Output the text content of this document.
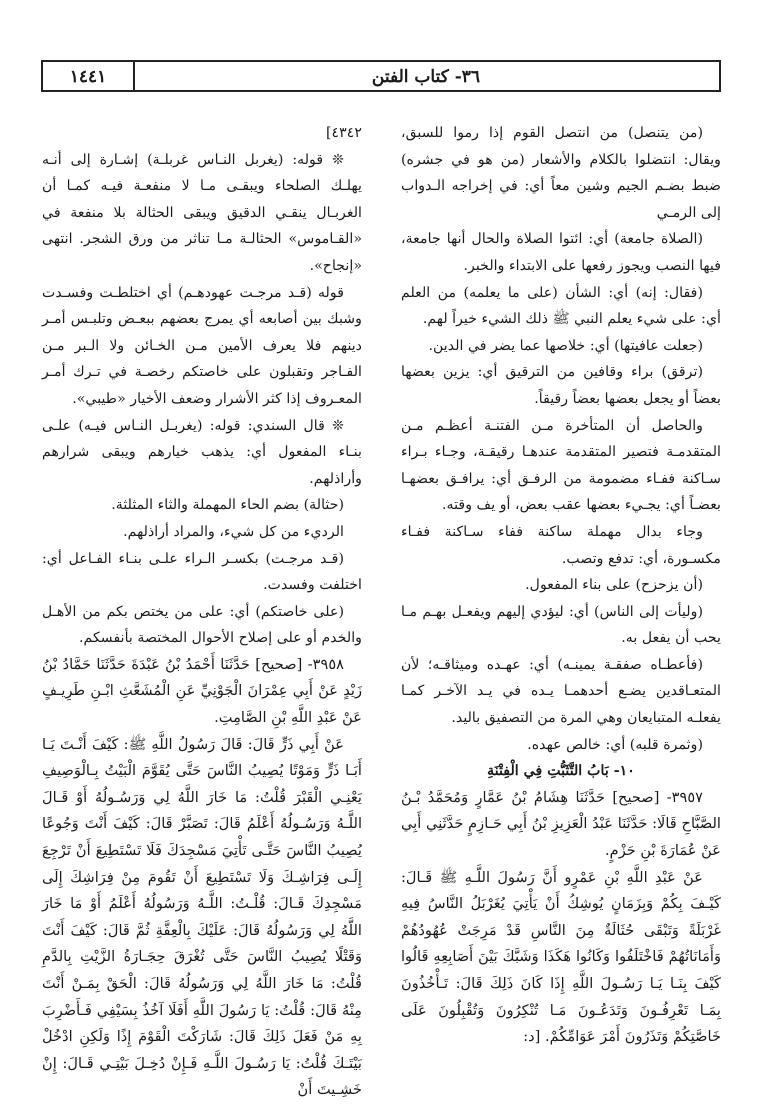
٣٦- كتاب الفتن
١٤٤١

(من يتنصل) من انتصل القوم إذا رموا للسبق، ويقال: انتضلوا بالكلام والأشعار (من هو في جشره) ضبط بضـم الجيم وشين معاً أي: في إخراجه الـدواب إلى الرمـي

(الصلاة جامعة) أي: ائتوا الصلاة والحال أنها جامعة، فيها النصب ويجوز رفعها على الابتداء والخبر.

(فقال: إنه) أي: الشأن (على ما يعلمه) من العلم أي: على شيء يعلم النبي ﷺ ذلك الشيء خيراً لهم.

(جعلت عافيتها) أي: خلاصها عما يضر في الدين.

(ترقق) براء وقافين من الترقيق أي: يزين بعضها بعضاً أو يجعل بعضها بعضاً رقيقاً.

والحاصل أن المتأخرة مـن الفتنـة أعظـم مـن المتقدمـة فتصير المتقدمة عندهـا رقيقـة، وجـاء بـراء سـاكنة ففـاء مضمومة من الرفـق أي: يرافـق بعضهـا بعضـاً أي: يجـيء بعضها عقب بعض، أو يف وقته.

وجاء بدال مهملة ساكنة ففاء سـاكنة ففـاء مكسـورة، أي: تدفع وتصب.

(أن يزحزح) على بناء المفعول.

(وليأت إلى الناس) أي: ليؤدي إليهم ويفعـل بهـم مـا يحب أن يفعل به.

(فأعطـاه صفقـة يمينـه) أي: عهـده وميثاقـه؛ لأن المتعـاقدين يضـع أحدهمـا يـده في يـد الآخـر كمـا يفعلـه المتبايعان وهي المرة من التصفيق باليد.

(وثمرة قلبه) أي: خالص عهده.

١٠- بَابُ التَّثَبُّتِ فِي الْفِتْنَةِ

٣٩٥٧- [صحيح] حَدَّثَنَا هِشَامُ بْنُ عَمَّارٍ وَمُحَمَّدُ بْـنُ الصَّبَّاحِ قَالَا: حَدَّثَنَا عَبْدُ الْعَزِيزِ بْنُ أَبِي حَـازِمٍ حَدَّثَنِي أَبِي عَنْ عُمَارَةَ بْنِ حَزْمٍ.

عَنْ عَبْدِ اللَّهِ بْنِ عَمْرٍو أَنَّ رَسُولَ اللَّـهِ ﷺ قَـالَ: كَيْـفَ بِكُمْ وَبِزَمَانٍ يُوشِكُ أَنْ يَأْتِيَ يُغَرْبَلُ النَّاسُ فِيهِ غَرْبَلَةً وَتَبْقَى حُثَالَةٌ مِنَ النَّاسِ قَدْ مَرِجَتْ عُهُودُهُمْ وَأَمَانَاتُهُمْ فَاخْتَلَفُوا وَكَانُوا هَكَذَا وَشَبَّكَ بَيْنَ أَصَابِعِهِ قَالُوا كَيْفَ بِنَـا يَـا رَسُـولَ اللَّهِ إِذَا كَانَ ذَلِكَ قَالَ: تَـأْخُذُونَ بِمَـا تَعْرِفُـونَ وَتَدَعُـونَ مَـا تُنْكِرُونَ وَتُقْبِلُونَ عَلَى خَاصَّتِكُمْ وَتَذَرُونَ أَمْرَ عَوَامِّكُمْ. [د:

٤٣٤٢]

❊ قوله: (يغربل النـاس غربلـة) إشـارة إلى أنـه يهلـك الصلحاء ويبقـى مـا لا منفعـة فيـه كمـا أن الغربـال ينقـي الدقيق ويبقى الحثالة بلا منفعة في «القـاموس» الحثالـة مـا تناثر من ورق الشجر. انتهى «إنجاح».

قوله (قـد مرجـت عهودهـم) أي اختلطـت وفسـدت وشبك بين أصابعه أي يمرج بعضهم ببعـض وتلبـس أمـر دينهم فلا يعرف الأمين مـن الخـائن ولا الـبر مـن الفـاجر وتقبلون على خاصتكم رخصـة في تـرك أمـر المعـروف إذا كثر الأشرار وضعف الأخيار «طيبي».

❊ قال السندي: قوله: (يغربـل النـاس فيـه) علـى بنـاء المفعول أي: يذهب خيارهم ويبقى شرارهم وأراذلهم.

(حثالة) بضم الحاء المهملة والثاء المثلثة.

الرديء من كل شيء، والمراد أراذلهم.

(قـد مرجـت) بكسـر الـراء علـى بنـاء الفـاعل أي: اختلفت وفسدت.

(على خاصتكم) أي: على من يختص بكم من الأهـل والخدم أو على إصلاح الأحوال المختصة بأنفسكم.

٣٩٥٨- [صحيح] حَدَّثَنَا أَحْمَدُ بْنُ عَبْدَةَ حَدَّثَنَا حَمَّادُ بْنُ زَيْدٍ عَنْ أَبِي عِمْرَانَ الْجَوْنِيِّ عَنِ الْمُشَعَّثِ ابْـنِ طَرِيـفٍ عَنْ عَبْدِ اللَّهِ بْنِ الصَّامِتِ.

عَنْ أَبِي ذَرٍّ قَالَ: قَالَ رَسُولُ اللَّهِ ﷺ: كَيْفَ أَنْـتَ يَـا أَبَـا ذَرٍّ وَمَوْتًا يُصِيبُ النَّاسَ حَتَّى يُقَوَّمَ الْبَيْتُ بِـالْوَصِيفِ يَعْنِـي الْقَبْرَ قُلْتُ: مَا خَارَ اللَّهُ لِي وَرَسُـولُهُ أَوْ قَـالَ اللَّـهُ وَرَسُـولُهُ أَعْلَمُ قَالَ: تَصَبَّرْ قَالَ: كَيْفَ أَنْتَ وَجُوعًا يُصِيبُ النَّاسَ حَتَّـى تَأْتِيَ مَسْجِدَكَ فَلَا تَسْتَطِيعَ أَنْ تَرْجِعَ إِلَـى فِرَاشِـكَ وَلَا تَسْتَطِيعَ أَنْ تَقُومَ مِنْ فِرَاشِكَ إِلَى مَسْجِدِكَ قَـالَ: قُلْـتُ: اللَّـهُ وَرَسُولُهُ أَعْلَمُ أَوْ مَا خَارَ اللَّهُ لِي وَرَسُولُهُ قَالَ: عَلَيْكَ بِالْعِفَّةِ ثُمَّ قَالَ: كَيْفَ أَنْتَ وَقَتْلًا يُصِيبُ النَّاسَ حَتَّى تُغْرَقَ حِجَـارَةُ الزَّيْتِ بِالدَّمِ قُلْتُ: مَا خَارَ اللَّهُ لِي وَرَسُولُهُ قَالَ: الْحَقْ بِمَـنْ أَنْتَ مِنْهُ قَالَ: قُلْتُ: يَا رَسُولَ اللَّهِ أَفَلَا آخُذُ بِسَيْفِي فَـأَضْرِبَ بِهِ مَنْ فَعَلَ ذَلِكَ قَالَ: شَارَكْتَ الْقَوْمَ إِذًا وَلَكِنِ ادْخُلْ بَيْتَـكَ قُلْتُ: يَا رَسُـولَ اللَّـهِ فَـإِنْ دُخِـلَ بَيْتِـي قَـالَ: إِنْ خَشِـيتَ أَنْ
